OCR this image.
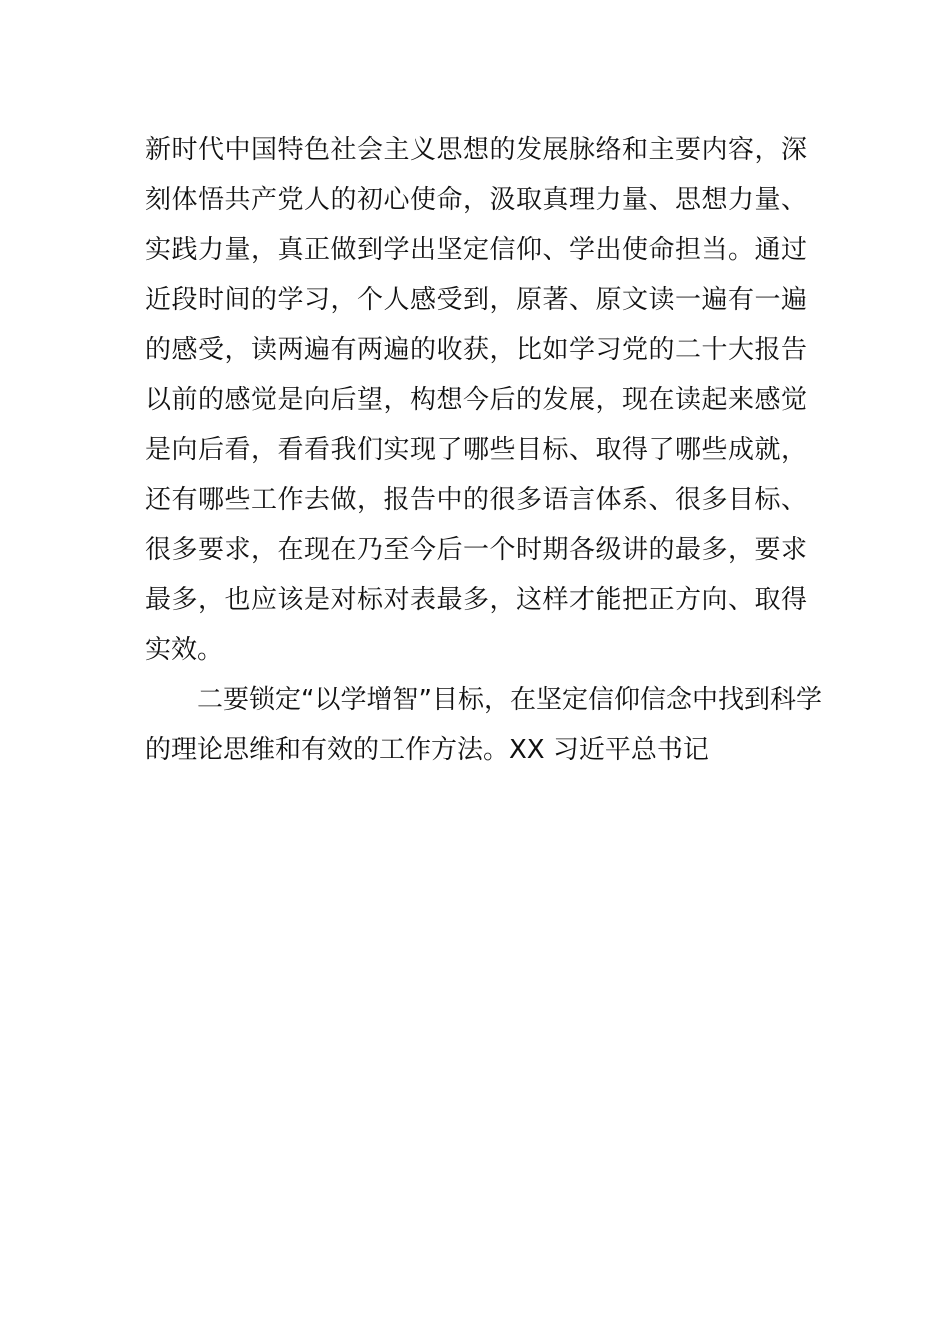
新时代中国特色社会主义思想的发展脉络和主要内容，深
刻体悟共产党人的初心使命，汲取真理力量、思想力量、
实践力量，真正做到学出坚定信仰、学出使命担当。通过
近段时间的学习，个人感受到，原著、原文读一遍有一遍
的感受，读两遍有两遍的收获，比如学习党的二十大报告
以前的感觉是向后望，构想今后的发展，现在读起来感觉
是向后看，看看我们实现了哪些目标、取得了哪些成就，
还有哪些工作去做，报告中的很多语言体系、很多目标、
很多要求，在现在乃至今后一个时期各级讲的最多，要求
最多，也应该是对标对表最多，这样才能把正方向、取得
实效。
二要锁定“以学增智”目标，在坚定信仰信念中找到科学
的理论思维和有效的工作方法。XX 习近平总书记
